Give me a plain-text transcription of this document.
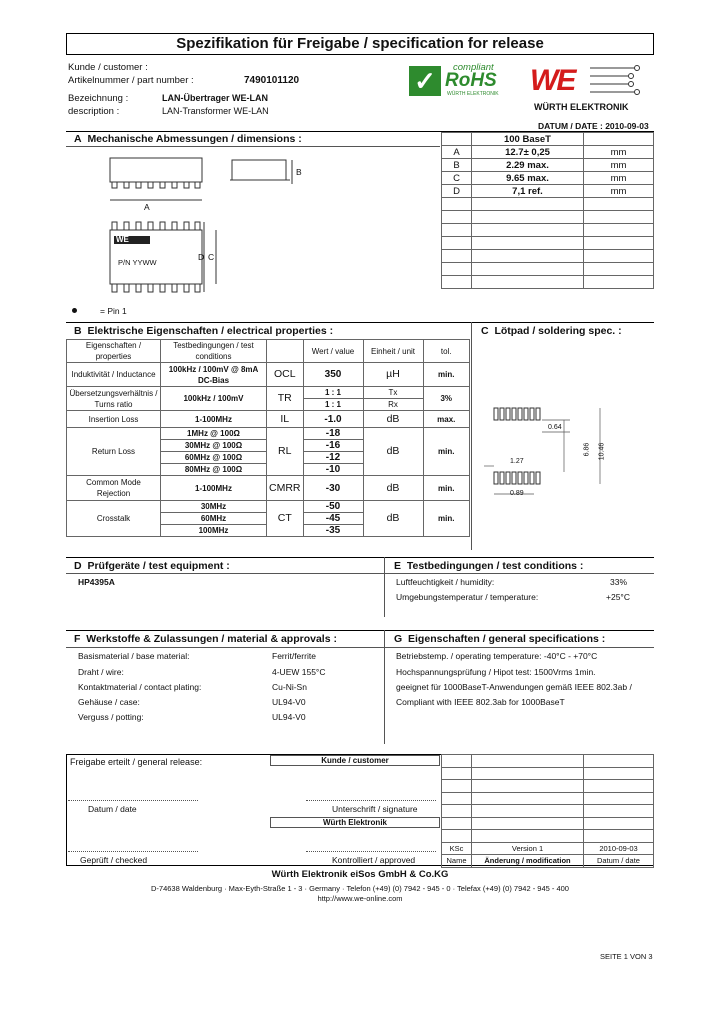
Spezifikation für Freigabe / specification for release
Kunde / customer :
Artikelnummer / part number :	7490101120
Bezeichnung :	LAN-Übertrager WE-LAN
description :	LAN-Transformer WE-LAN
✓	compliant
RoHS
WÜRTH ELEKTRONIK WE
WÜRTH ELEKTRONIK
DATUM / DATE : 2010-09-03
A Mechanische Abmessungen / dimensions :
		100 BaseT	
A	12.7± 0,25	mm
B	2.29 max.	mm
C	9.65 max.	mm
D	7,1 ref.	mm

A
B
D C
WE
P/N YYWW
= Pin 1
B Elektrische Eigenschaften / electrical properties :	C Lötpad / soldering spec. :
Eigenschaften / properties	Testbedingungen / test conditions		Wert / value	Einheit / unit	tol.
Induktivität / Inductance	100kHz / 100mV @ 8mA DC-Bias	OCL	350	µH	min.
Übersetzungsverhältnis / Turns ratio	100kHz / 100mV	TR	1 : 1	Tx	3%
			1 : 1	Rx	
Insertion Loss	1-100MHz	IL	-1.0	dB	max.
Return Loss	1MHz @ 100Ω	RL	-18	dB	min.
	30MHz @ 100Ω		-16		
	60MHz @ 100Ω		-12		
	80MHz @ 100Ω		-10		
Common Mode Rejection	1-100MHz	CMRR	-30	dB	min.
Crosstalk	30MHz	CT	-50	dB	min.
	60MHz		-45		
	100MHz		-35		
0.64
6.86 10.46
1.27
0.89
D Prüfgeräte / test equipment :	E Testbedingungen / test conditions :
HP4395A	Luftfeuchtigkeit / humidity:	33%
Umgebungstemperatur / temperature:	+25°C
F Werkstoffe & Zulassungen / material & approvals :	G Eigenschaften / general specifications :
Basismaterial / base material:	Ferrit/ferrite
Draht / wire:	4-UEW 155°C
Kontaktmaterial / contact plating:	Cu-Ni-Sn
Gehäuse / case:	UL94-V0
Verguss / potting:	UL94-V0
Betriebstemp. / operating temperature: -40°C - +70°C
Hochspannungsprüfung / Hipot test: 1500Vrms 1min.
geeignet für 1000BaseT-Anwendungen gemäß IEEE 802.3ab /
Compliant with IEEE 802.3ab for 1000BaseT
Freigabe erteilt / general release:	Kunde / customer
Datum / date	Unterschrift / signature
Würth Elektronik
Geprüft / checked	Kontrolliert / approved

KSc	Version 1	2010-09-03
Name	Änderung / modification	Datum / date
Würth Elektronik eiSos GmbH & Co.KG
D-74638 Waldenburg · Max-Eyth-Straße 1 - 3 · Germany · Telefon (+49) (0) 7942 - 945 - 0 · Telefax (+49) (0) 7942 - 945 - 400
http://www.we-online.com
SEITE 1 VON 3
